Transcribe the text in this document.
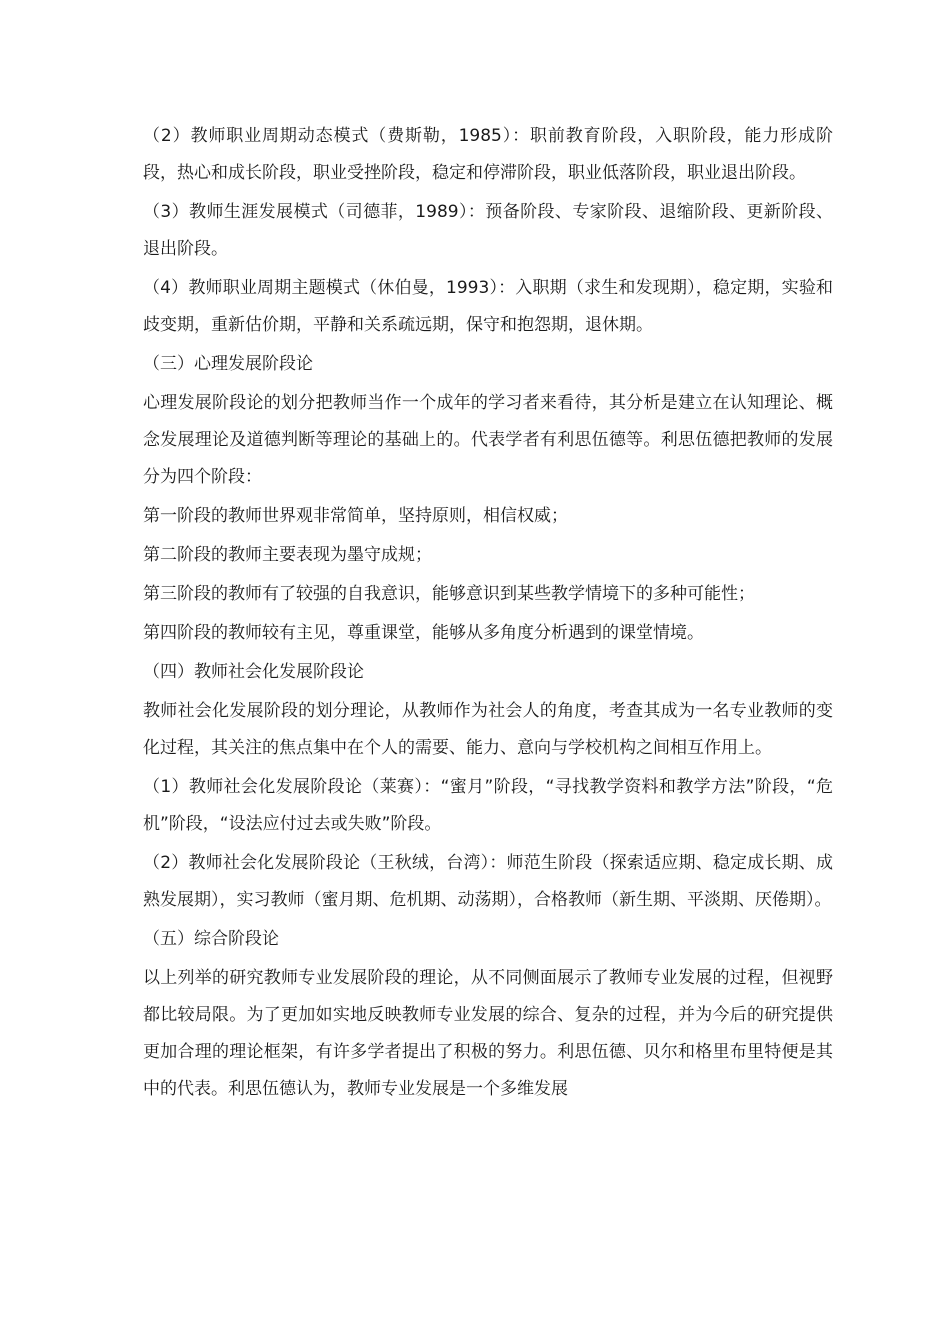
（2）教师职业周期动态模式（费斯勒，1985）：职前教育阶段，入职阶段，能力形成阶段，热心和成长阶段，职业受挫阶段，稳定和停滞阶段，职业低落阶段，职业退出阶段。

（3）教师生涯发展模式（司德菲，1989）：预备阶段、专家阶段、退缩阶段、更新阶段、退出阶段。

（4）教师职业周期主题模式（休伯曼，1993）：入职期（求生和发现期），稳定期，实验和歧变期，重新估价期，平静和关系疏远期，保守和抱怨期，退休期。

（三）心理发展阶段论

心理发展阶段论的划分把教师当作一个成年的学习者来看待，其分析是建立在认知理论、概念发展理论及道德判断等理论的基础上的。代表学者有利思伍德等。利思伍德把教师的发展分为四个阶段：

第一阶段的教师世界观非常简单，坚持原则，相信权威；

第二阶段的教师主要表现为墨守成规；

第三阶段的教师有了较强的自我意识，能够意识到某些教学情境下的多种可能性；

第四阶段的教师较有主见，尊重课堂，能够从多角度分析遇到的课堂情境。

（四）教师社会化发展阶段论

教师社会化发展阶段的划分理论，从教师作为社会人的角度，考查其成为一名专业教师的变化过程，其关注的焦点集中在个人的需要、能力、意向与学校机构之间相互作用上。

（1）教师社会化发展阶段论（莱赛）：“蜜月”阶段，“寻找教学资料和教学方法”阶段，“危机”阶段，“设法应付过去或失败”阶段。

（2）教师社会化发展阶段论（王秋绒，台湾）：师范生阶段（探索适应期、稳定成长期、成熟发展期），实习教师（蜜月期、危机期、动荡期），合格教师（新生期、平淡期、厌倦期）。

（五）综合阶段论

以上列举的研究教师专业发展阶段的理论，从不同侧面展示了教师专业发展的过程，但视野都比较局限。为了更加如实地反映教师专业发展的综合、复杂的过程，并为今后的研究提供更加合理的理论框架，有许多学者提出了积极的努力。利思伍德、贝尔和格里布里特便是其中的代表。利思伍德认为，教师专业发展是一个多维发展
